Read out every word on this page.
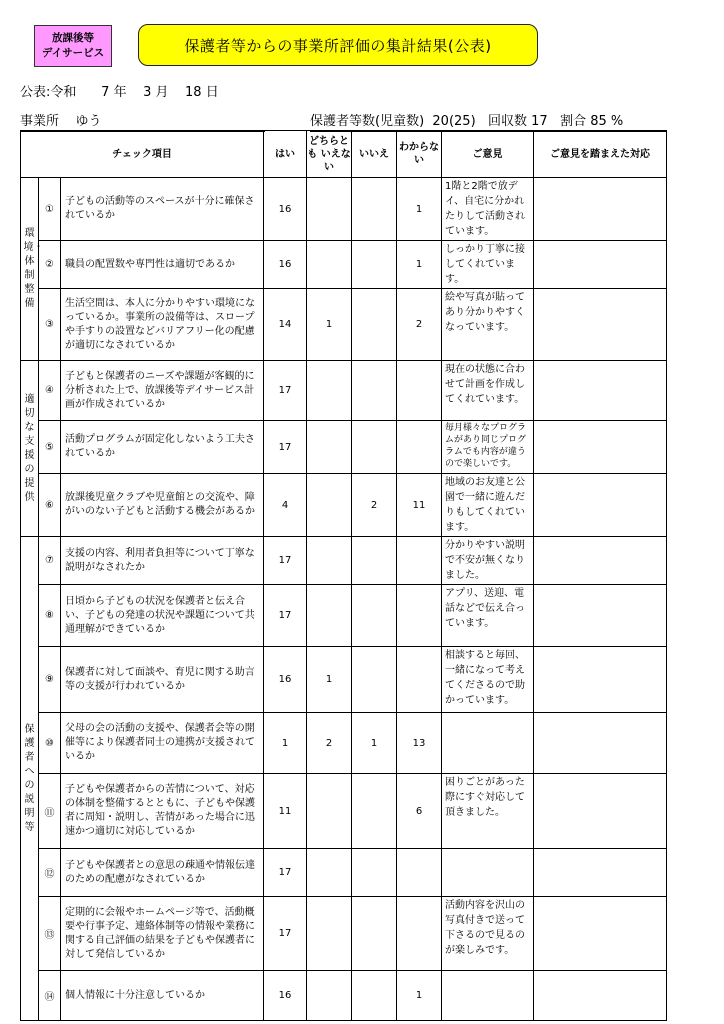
放課後等
デイサービス	保護者等からの事業所評価の集計結果(公表)
公表:令和      7 年    3 月    18 日
事業所    ゆう	保護者等数(児童数)  20(25)   回収数 17   割合 85 %
チェック項目			はい	どちらとも いえない	いいえ	わからない	ご意見	ご意見を踏まえた対応
環境・体制整備	①	子どもの活動等のスペースが十分に確保されているか	16			1	1階と2階で放デイ、自宅に分かれたりして活動されています。	
	②	職員の配置数や専門性は適切であるか	16			1	しっかり丁寧に接してくれています。	
	③	生活空間は、本人に分かりやすい環境になっているか。事業所の設備等は、スロープや手すりの設置などバリアフリー化の配慮が適切になされているか	14	1		2	絵や写真が貼ってあり分かりやすくなっています。	
適切な支援の提供	④	子どもと保護者のニーズや課題が客観的に分析された上で、放課後等デイサービス計画が作成されているか	17				現在の状態に合わせて計画を作成してくれています。	
	⑤	活動プログラムが固定化しないよう工夫されているか	17				毎月様々なプログラムがあり同じプログラムでも内容が違うので楽しいです。	
	⑥	放課後児童クラブや児童館との交流や、障がいのない子どもと活動する機会があるか	4		2	11	地域のお友達と公園で一緒に遊んだりもしてくれています。	
保護者への説明等	⑦	支援の内容、利用者負担等について丁寧な説明がなされたか	17				分かりやすい説明で不安が無くなりました。	
	⑧	日頃から子どもの状況を保護者と伝え合い、子どもの発達の状況や課題について共通理解ができているか	17				アプリ、送迎、電話などで伝え合っています。	
	⑨	保護者に対して面談や、育児に関する助言等の支援が行われているか	16	1			相談すると毎回、一緒になって考えてくださるので助かっています。	
	⑩	父母の会の活動の支援や、保護者会等の開催等により保護者同士の連携が支援されているか	1	2	1	13		
	⑪	子どもや保護者からの苦情について、対応の体制を整備するとともに、子どもや保護者に周知・説明し、苦情があった場合に迅速かつ適切に対応しているか	11			6	困りごとがあった際にすぐ対応して頂きました。	
	⑫	子どもや保護者との意思の疎通や情報伝達のための配慮がなされているか	17					
	⑬	定期的に会報やホームページ等で、活動概要や行事予定、連絡体制等の情報や業務に関する自己評価の結果を子どもや保護者に対して発信しているか	17				活動内容を沢山の写真付きで送って下さるので見るのが楽しみです。	
	⑭	個人情報に十分注意しているか	16			1		
